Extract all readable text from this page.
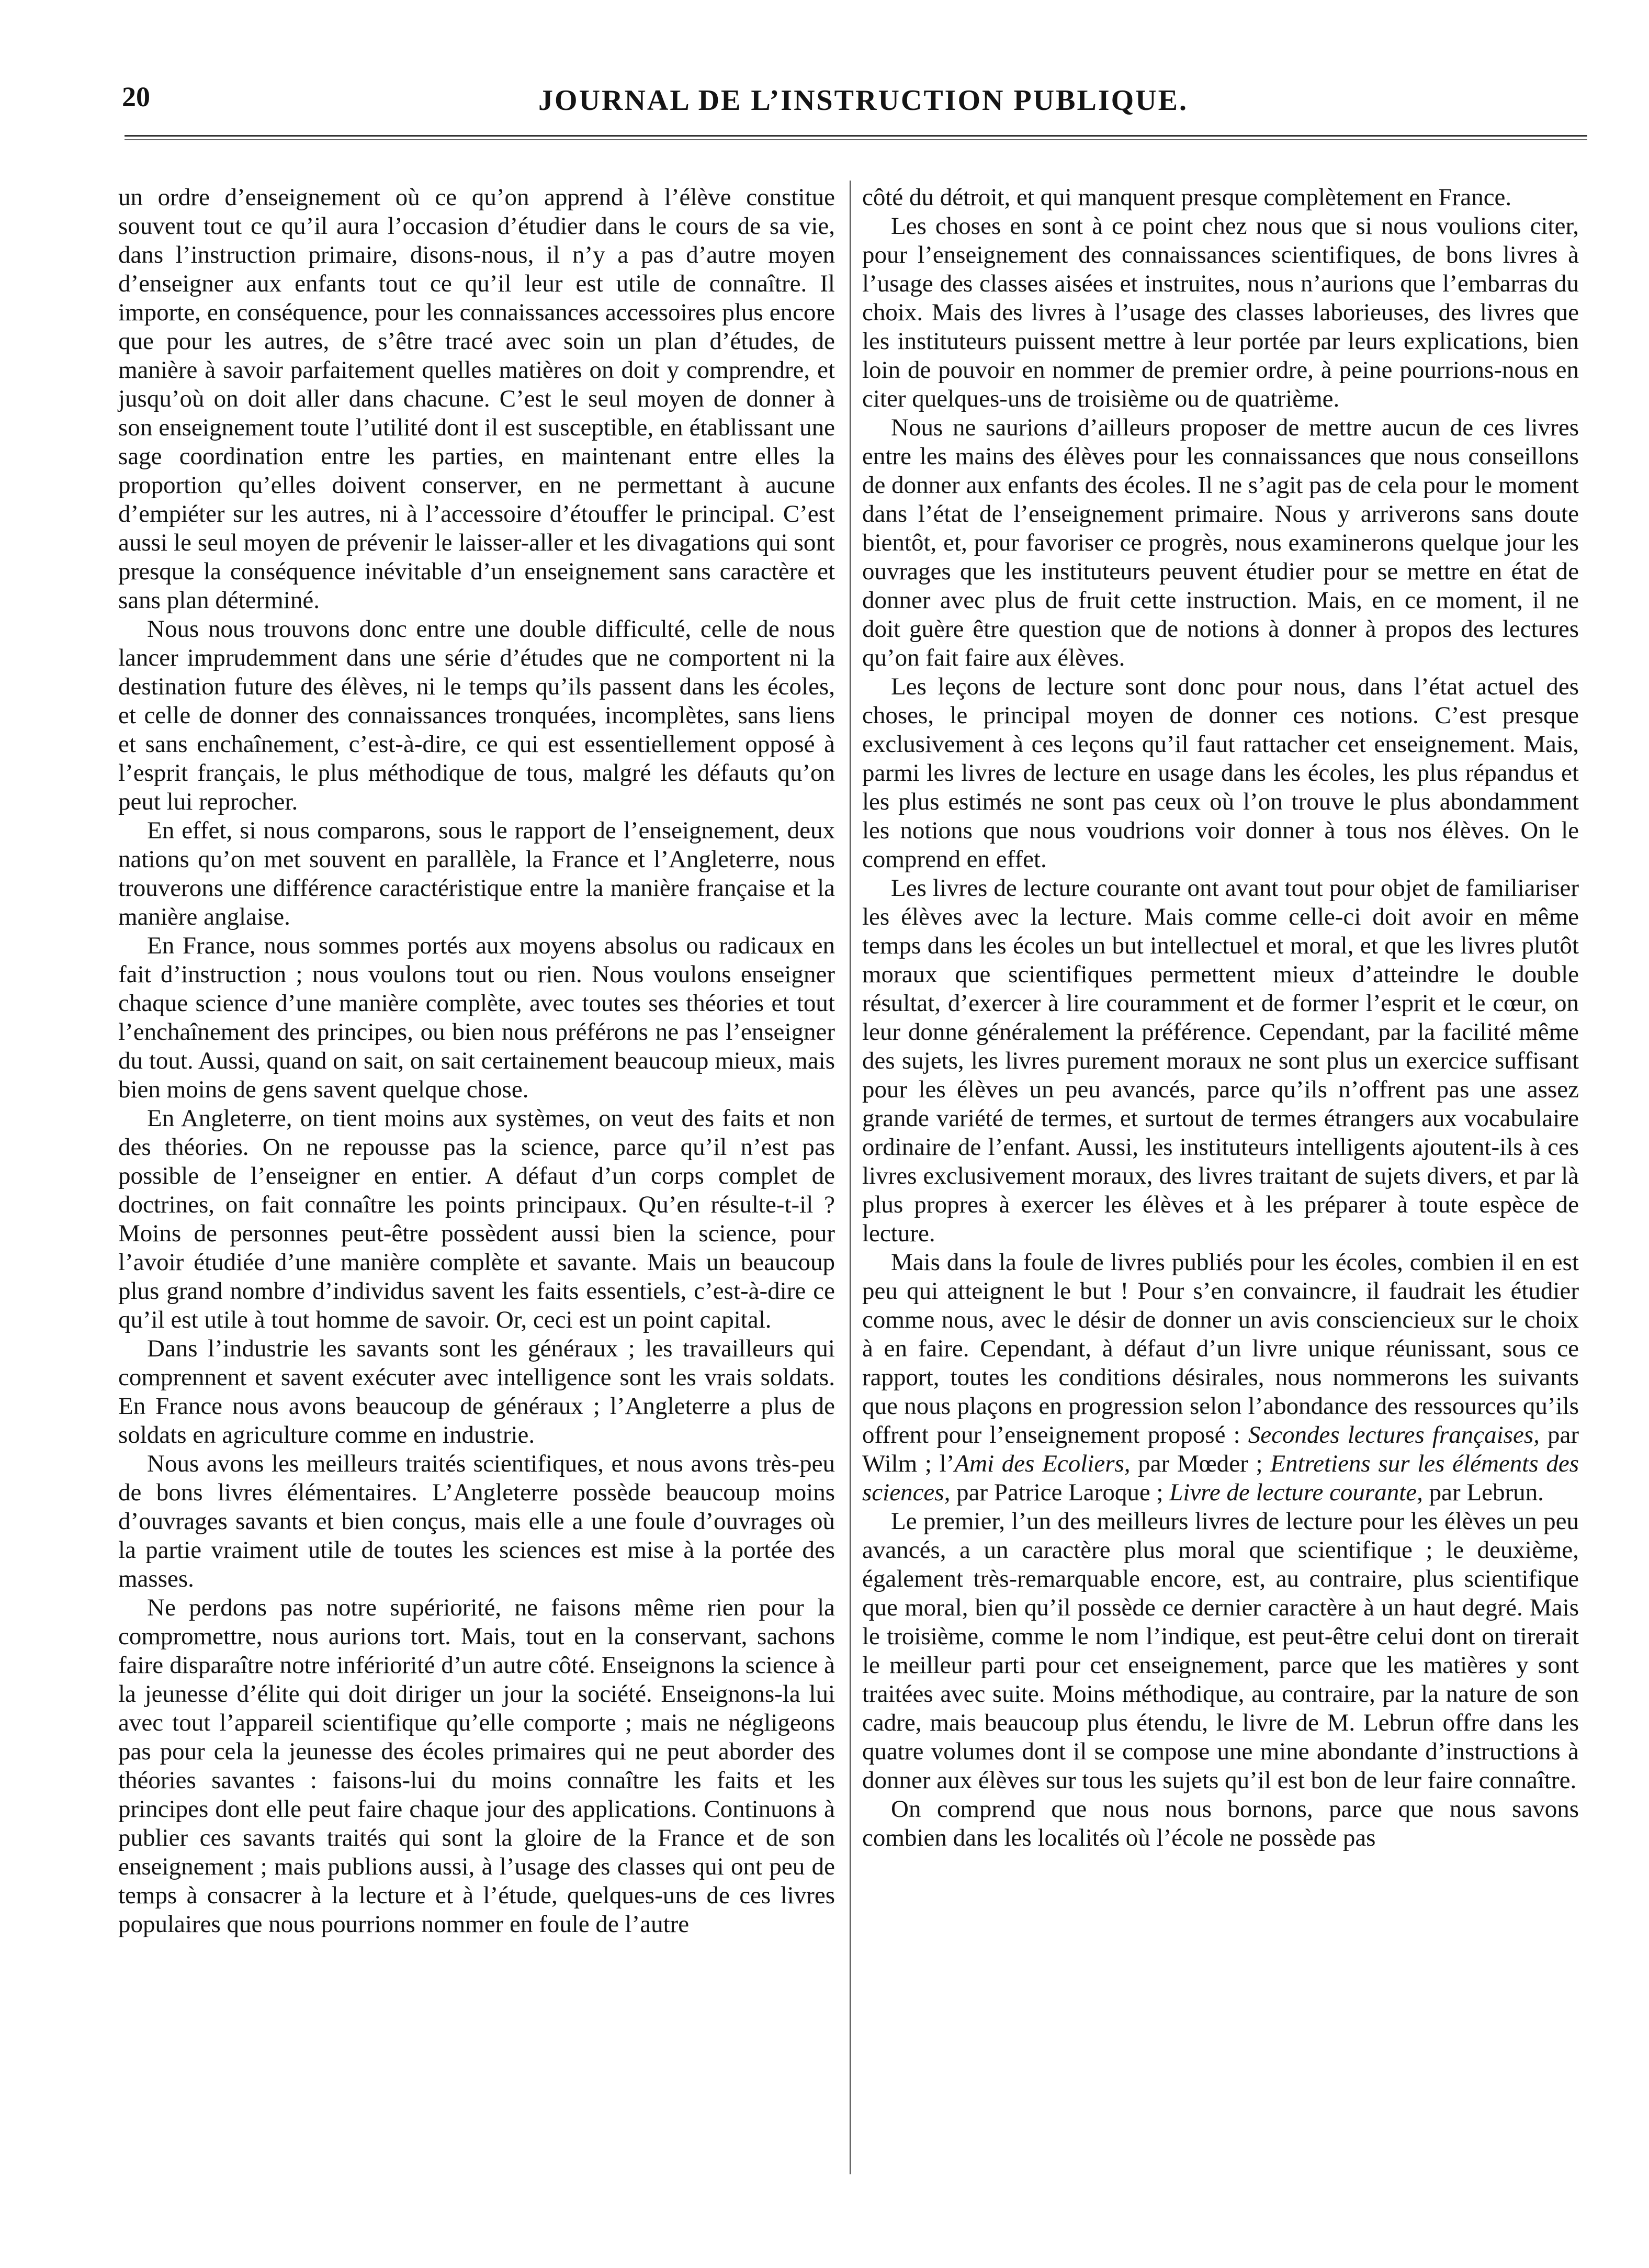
20	JOURNAL DE L’INSTRUCTION PUBLIQUE.

un ordre d’enseignement où ce qu’on apprend à l’élève constitue souvent tout ce qu’il aura l’occasion d’étudier dans le cours de sa vie, dans l’instruction primaire, disons-nous, il n’y a pas d’autre moyen d’enseigner aux enfants tout ce qu’il leur est utile de connaître. Il importe, en conséquence, pour les connaissances accessoires plus encore que pour les autres, de s’être tracé avec soin un plan d’études, de manière à savoir parfaitement quelles matières on doit y comprendre, et jusqu’où on doit aller dans chacune. C’est le seul moyen de donner à son enseignement toute l’utilité dont il est susceptible, en établissant une sage coordination entre les parties, en maintenant entre elles la proportion qu’elles doivent conserver, en ne permettant à aucune d’empiéter sur les autres, ni à l’accessoire d’étouffer le principal. C’est aussi le seul moyen de prévenir le laisser-aller et les divagations qui sont presque la conséquence inévitable d’un enseignement sans caractère et sans plan déterminé.

Nous nous trouvons donc entre une double difficulté, celle de nous lancer imprudemment dans une série d’études que ne comportent ni la destination future des élèves, ni le temps qu’ils passent dans les écoles, et celle de donner des connaissances tronquées, incomplètes, sans liens et sans enchaînement, c’est-à-dire, ce qui est essentiellement opposé à l’esprit français, le plus méthodique de tous, malgré les défauts qu’on peut lui reprocher.

En effet, si nous comparons, sous le rapport de l’enseignement, deux nations qu’on met souvent en parallèle, la France et l’Angleterre, nous trouverons une différence caractéristique entre la manière française et la manière anglaise.

En France, nous sommes portés aux moyens absolus ou radicaux en fait d’instruction ; nous voulons tout ou rien. Nous voulons enseigner chaque science d’une manière complète, avec toutes ses théories et tout l’enchaînement des principes, ou bien nous préférons ne pas l’enseigner du tout. Aussi, quand on sait, on sait certainement beaucoup mieux, mais bien moins de gens savent quelque chose.

En Angleterre, on tient moins aux systèmes, on veut des faits et non des théories. On ne repousse pas la science, parce qu’il n’est pas possible de l’enseigner en entier. A défaut d’un corps complet de doctrines, on fait connaître les points principaux. Qu’en résulte-t-il ? Moins de personnes peut-être possèdent aussi bien la science, pour l’avoir étudiée d’une manière complète et savante. Mais un beaucoup plus grand nombre d’individus savent les faits essentiels, c’est-à-dire ce qu’il est utile à tout homme de savoir. Or, ceci est un point capital.

Dans l’industrie les savants sont les généraux ; les travailleurs qui comprennent et savent exécuter avec intelligence sont les vrais soldats. En France nous avons beaucoup de généraux ; l’Angleterre a plus de soldats en agriculture comme en industrie.

Nous avons les meilleurs traités scientifiques, et nous avons très-peu de bons livres élémentaires. L’Angleterre possède beaucoup moins d’ouvrages savants et bien conçus, mais elle a une foule d’ouvrages où la partie vraiment utile de toutes les sciences est mise à la portée des masses.

Ne perdons pas notre supériorité, ne faisons même rien pour la compromettre, nous aurions tort. Mais, tout en la conservant, sachons faire disparaître notre infériorité d’un autre côté. Enseignons la science à la jeunesse d’élite qui doit diriger un jour la société. Enseignons-la lui avec tout l’appareil scientifique qu’elle comporte ; mais ne négligeons pas pour cela la jeunesse des écoles primaires qui ne peut aborder des théories savantes : faisons-lui du moins connaître les faits et les principes dont elle peut faire chaque jour des applications. Continuons à publier ces savants traités qui sont la gloire de la France et de son enseignement ; mais publions aussi, à l’usage des classes qui ont peu de temps à consacrer à la lecture et à l’étude, quelques-uns de ces livres populaires que nous pourrions nommer en foule de l’autre

côté du détroit, et qui manquent presque complètement en France.

Les choses en sont à ce point chez nous que si nous voulions citer, pour l’enseignement des connaissances scientifiques, de bons livres à l’usage des classes aisées et instruites, nous n’aurions que l’embarras du choix. Mais des livres à l’usage des classes laborieuses, des livres que les instituteurs puissent mettre à leur portée par leurs explications, bien loin de pouvoir en nommer de premier ordre, à peine pourrions-nous en citer quelques-uns de troisième ou de quatrième.

Nous ne saurions d’ailleurs proposer de mettre aucun de ces livres entre les mains des élèves pour les connaissances que nous conseillons de donner aux enfants des écoles. Il ne s’agit pas de cela pour le moment dans l’état de l’enseignement primaire. Nous y arriverons sans doute bientôt, et, pour favoriser ce progrès, nous examinerons quelque jour les ouvrages que les instituteurs peuvent étudier pour se mettre en état de donner avec plus de fruit cette instruction. Mais, en ce moment, il ne doit guère être question que de notions à donner à propos des lectures qu’on fait faire aux élèves.

Les leçons de lecture sont donc pour nous, dans l’état actuel des choses, le principal moyen de donner ces notions. C’est presque exclusivement à ces leçons qu’il faut rattacher cet enseignement. Mais, parmi les livres de lecture en usage dans les écoles, les plus répandus et les plus estimés ne sont pas ceux où l’on trouve le plus abondamment les notions que nous voudrions voir donner à tous nos élèves. On le comprend en effet.

Les livres de lecture courante ont avant tout pour objet de familiariser les élèves avec la lecture. Mais comme celle-ci doit avoir en même temps dans les écoles un but intellectuel et moral, et que les livres plutôt moraux que scientifiques permettent mieux d’atteindre le double résultat, d’exercer à lire couramment et de former l’esprit et le cœur, on leur donne généralement la préférence. Cependant, par la facilité même des sujets, les livres purement moraux ne sont plus un exercice suffisant pour les élèves un peu avancés, parce qu’ils n’offrent pas une assez grande variété de termes, et surtout de termes étrangers aux vocabulaire ordinaire de l’enfant. Aussi, les instituteurs intelligents ajoutent-ils à ces livres exclusivement moraux, des livres traitant de sujets divers, et par là plus propres à exercer les élèves et à les préparer à toute espèce de lecture.

Mais dans la foule de livres publiés pour les écoles, combien il en est peu qui atteignent le but ! Pour s’en convaincre, il faudrait les étudier comme nous, avec le désir de donner un avis consciencieux sur le choix à en faire. Cependant, à défaut d’un livre unique réunissant, sous ce rapport, toutes les conditions désirales, nous nommerons les suivants que nous plaçons en progression selon l’abondance des ressources qu’ils offrent pour l’enseignement proposé : Secondes lectures françaises, par Wilm ; l’Ami des Ecoliers, par Mœder ; Entretiens sur les éléments des sciences, par Patrice Laroque ; Livre de lecture courante, par Lebrun.

Le premier, l’un des meilleurs livres de lecture pour les élèves un peu avancés, a un caractère plus moral que scientifique ; le deuxième, également très-remarquable encore, est, au contraire, plus scientifique que moral, bien qu’il possède ce dernier caractère à un haut degré. Mais le troisième, comme le nom l’indique, est peut-être celui dont on tirerait le meilleur parti pour cet enseignement, parce que les matières y sont traitées avec suite. Moins méthodique, au contraire, par la nature de son cadre, mais beaucoup plus étendu, le livre de M. Lebrun offre dans les quatre volumes dont il se compose une mine abondante d’instructions à donner aux élèves sur tous les sujets qu’il est bon de leur faire connaître.

On comprend que nous nous bornons, parce que nous savons combien dans les localités où l’école ne possède pas
